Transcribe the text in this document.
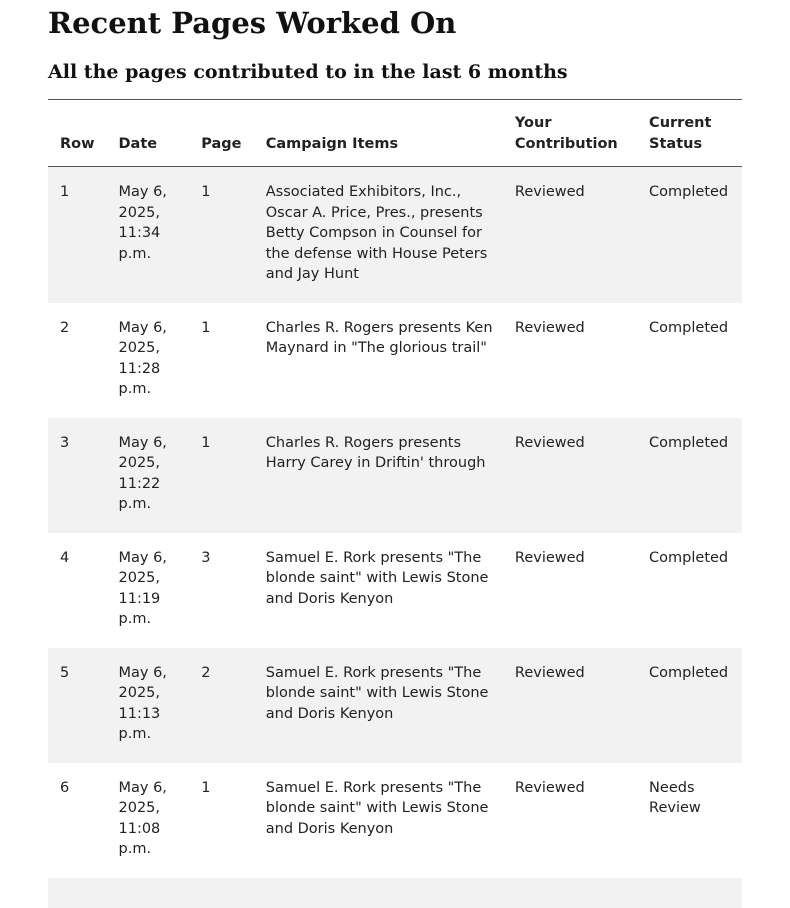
Recent Pages Worked On
All the pages contributed to in the last 6 months
Row	Date	Page	Campaign Items	Your Contribution	Current Status
1	May 6, 2025, 11:34 p.m.	1	Associated Exhibitors, Inc., Oscar A. Price, Pres., presents Betty Compson in Counsel for the defense with House Peters and Jay Hunt	Reviewed	Completed
2	May 6, 2025, 11:28 p.m.	1	Charles R. Rogers presents Ken Maynard in "The glorious trail"	Reviewed	Completed
3	May 6, 2025, 11:22 p.m.	1	Charles R. Rogers presents Harry Carey in Driftin' through	Reviewed	Completed
4	May 6, 2025, 11:19 p.m.	3	Samuel E. Rork presents "The blonde saint" with Lewis Stone and Doris Kenyon	Reviewed	Completed
5	May 6, 2025, 11:13 p.m.	2	Samuel E. Rork presents "The blonde saint" with Lewis Stone and Doris Kenyon	Reviewed	Completed
6	May 6, 2025, 11:08 p.m.	1	Samuel E. Rork presents "The blonde saint" with Lewis Stone and Doris Kenyon	Reviewed	Needs Review
